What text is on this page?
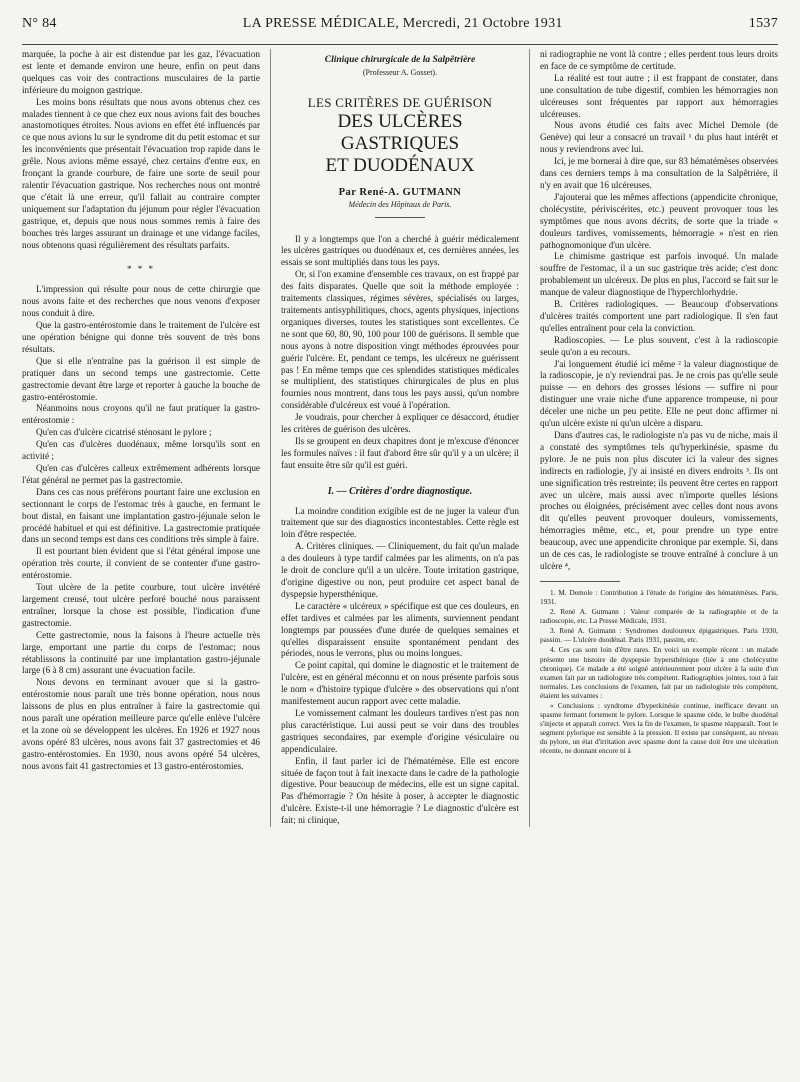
N° 84	LA PRESSE MÉDICALE, Mercredi, 21 Octobre 1931	1537

marquée, la poche à air est distendue par les gaz, l'évacuation est lente et demande environ une heure, enfin on peut dans quelques cas voir des contractions musculaires de la partie inférieure du moignon gastrique.

Les moins bons résultats que nous avons obtenus chez ces malades tiennent à ce que chez eux nous avions fait des bouches anastomotiques étroites. Nous avions en effet été influencés par ce que nous avions lu sur le syndrome dit du petit estomac et sur les inconvénients que présentait l'évacuation trop rapide dans le grêle. Nous avions même essayé, chez certains d'entre eux, en fronçant la grande courbure, de faire une sorte de seuil pour ralentir l'évacuation gastrique. Nos recherches nous ont montré que c'était là une erreur, qu'il fallait au contraire compter uniquement sur l'adaptation du jéjunum pour régler l'évacuation gastrique, et, depuis que nous nous sommes remis à faire des bouches très larges assurant un drainage et une vidange faciles, nous obtenons quasi régulièrement des résultats parfaits.

* * *

L'impression qui résulte pour nous de cette chirurgie que nous avons faite et des recherches que nous venons d'exposer nous conduit à dire.

Que la gastro-entérostomie dans le traitement de l'ulcère est une opération bénigne qui donne très souvent de très bons résultats.

Que si elle n'entraîne pas la guérison il est simple de pratiquer dans un second temps une gastrectomie. Cette gastrectomie devant être large et reporter à gauche la bouche de gastro-entérostomie.

Néanmoins nous croyons qu'il ne faut pratiquer la gastro-entérostomie :

Qu'en cas d'ulcère cicatrisé sténosant le pylore ;

Qu'en cas d'ulcères duodénaux, même lorsqu'ils sont en activité ;

Qu'en cas d'ulcères calleux extrêmement adhérents lorsque l'état général ne permet pas la gastrectomie.

Dans ces cas nous préférons pourtant faire une exclusion en sectionnant le corps de l'estomac très à gauche, en fermant le bout distal, en faisant une implantation gastro-jéjunale selon le procédé habituel et qui est définitive. La gastrectomie pratiquée dans un second temps est dans ces conditions très simple à faire.

Il est pourtant bien évident que si l'état général impose une opération très courte, il convient de se contenter d'une gastro-entérostomie.

Tout ulcère de la petite courbure, tout ulcère invétéré largement creusé, tout ulcère perforé bouché nous paraissent entraîner, lorsque la chose est possible, l'indication d'une gastrectomie.

Cette gastrectomie, nous la faisons à l'heure actuelle très large, emportant une partie du corps de l'estomac; nous rétablissons la continuité par une implantation gastro-jéjunale large (6 à 8 cm) assurant une évacuation facile.

Nous devons en terminant avouer que si la gastro-entérostomie nous paraît une très bonne opération, nous nous laissons de plus en plus entraîner à faire la gastrectomie qui nous paraît une opération meilleure parce qu'elle enlève l'ulcère et la zone où se développent les ulcères. En 1926 et 1927 nous avons opéré 83 ulcères, nous avons fait 37 gastrectomies et 46 gastro-entérostomies. En 1930, nous avons opéré 54 ulcères, nous avons fait 41 gastrectomies et 13 gastro-entérostomies.

Clinique chirurgicale de la Salpêtrière
(Professeur A. Gosset).
LES CRITÈRES DE GUÉRISON
DES ULCÈRES GASTRIQUES
ET DUODÉNAUX
Par René-A. GUTMANN
Médecin des Hôpitaux de Paris.

Il y a longtemps que l'on a cherché à guérir médicalement les ulcères gastriques ou duodénaux et, ces dernières années, les essais se sont multipliés dans tous les pays.

Or, si l'on examine d'ensemble ces travaux, on est frappé par des faits disparates. Quelle que soit la méthode employée : traitements classiques, régimes sévères, spécialisés ou larges, traitements antisyphilitiques, chocs, agents physiques, injections organiques diverses, toutes les statistiques sont excellentes. Ce ne sont que 60, 80, 90, 100 pour 100 de guérisons. Il semble que nous ayons à notre disposition vingt méthodes éprouvées pour guérir l'ulcère. Et, pendant ce temps, les ulcéreux ne guérissent pas ! En même temps que ces splendides statistiques médicales se multiplient, des statistiques chirurgicales de plus en plus fournies nous montrent, dans tous les pays aussi, qu'un nombre considérable d'ulcéreux est voué à l'opération.

Je voudrais, pour chercher à expliquer ce désaccord, étudier les critères de guérison des ulcères.

Ils se groupent en deux chapitres dont je m'excuse d'énoncer les formules naïves : il faut d'abord être sûr qu'il y a un ulcère; il faut ensuite être sûr qu'il est guéri.

I. — Critères d'ordre diagnostique.

La moindre condition exigible est de ne juger la valeur d'un traitement que sur des diagnostics incontestables. Cette règle est loin d'être respectée.

A. Critères cliniques. — Cliniquement, du fait qu'un malade a des douleurs à type tardif calmées par les aliments, on n'a pas le droit de conclure qu'il a un ulcère. Toute irritation gastrique, d'origine digestive ou non, peut produire cet aspect banal de dyspepsie hypersthénique.

Le caractère « ulcéreux » spécifique est que ces douleurs, en effet tardives et calmées par les aliments, surviennent pendant longtemps par poussées d'une durée de quelques semaines et qu'elles disparaissent ensuite spontanément pendant des périodes, nous le verrons, plus ou moins longues.

Ce point capital, qui domine le diagnostic et le traitement de l'ulcère, est en général méconnu et on nous présente parfois sous le nom « d'histoire typique d'ulcère » des observations qui n'ont manifestement aucun rapport avec cette maladie.

Le vomissement calmant les douleurs tardives n'est pas non plus caractéristique. Lui aussi peut se voir dans des troubles gastriques secondaires, par exemple d'origine vésiculaire ou appendiculaire.

Enfin, il faut parler ici de l'hématémèse. Elle est encore située de façon tout à fait inexacte dans le cadre de la pathologie digestive. Pour beaucoup de médecins, elle est un signe capital. Pas d'hémorragie ? On hésite à poser, à accepter le diagnostic d'ulcère. Existe-t-il une hémorragie ? Le diagnostic d'ulcère est fait; ni clinique,

ni radiographie ne vont là contre ; elles perdent tous leurs droits en face de ce symptôme de certitude.

La réalité est tout autre ; il est frappant de constater, dans une consultation de tube digestif, combien les hémorragies non ulcéreuses sont fréquentes par rapport aux hémorragies ulcéreuses.

Nous avons étudié ces faits avec Michel Demole (de Genève) qui leur a consacré un travail ¹ du plus haut intérêt et nous y reviendrons avec lui.

Ici, je me bornerai à dire que, sur 83 hématémèses observées dans ces derniers temps à ma consultation de la Salpêtrière, il n'y en avait que 16 ulcéreuses.

J'ajouterai que les mêmes affections (appendicite chronique, cholécystite, périviscérites, etc.) peuvent provoquer tous les symptômes que nous avons décrits, de sorte que la triade « douleurs tardives, vomissements, hémorragie » n'est en rien pathognomonique d'un ulcère.

Le chimisme gastrique est parfois invoqué. Un malade souffre de l'estomac, il a un suc gastrique très acide; c'est donc probablement un ulcéreux. De plus en plus, l'accord se fait sur le manque de valeur diagnostique de l'hyperchlorhydrie.

B. Critères radiologiques. — Beaucoup d'observations d'ulcères traités comportent une part radiologique. Il s'en faut qu'elles entraînent pour cela la conviction.

Radioscopies. — Le plus souvent, c'est à la radioscopie seule qu'on a eu recours.

J'ai longuement étudié ici même ² la valeur diagnostique de la radioscopie, je n'y reviendrai pas. Je ne crois pas qu'elle seule puisse — en dehors des grosses lésions — suffire ni pour distinguer une vraie niche d'une apparence trompeuse, ni pour déceler une niche un peu petite. Elle ne peut donc affirmer ni qu'un ulcère existe ni qu'un ulcère a disparu.

Dans d'autres cas, le radiologiste n'a pas vu de niche, mais il a constaté des symptômes tels qu'hyperkinésie, spasme du pylore. Je ne puis non plus discuter ici la valeur des signes indirects en radiologie, j'y ai insisté en divers endroits ³. Ils ont une signification très restreinte; ils peuvent être certes en rapport avec un ulcère, mais aussi avec n'importe quelles lésions proches ou éloignées, précisément avec celles dont nous avons dit qu'elles peuvent provoquer douleurs, vomissements, hémorragies même, etc., et, pour prendre un type entre beaucoup, avec une appendicite chronique par exemple. Si, dans un de ces cas, le radiologiste se trouve entraîné à conclure à un ulcère ⁴,

1. M. Demole : Contribution à l'étude de l'origine des hématémèses. Paris, 1931.

2. René A. Gutmann : Valeur comparée de la radiographie et de la radioscopie, etc. La Presse Médicale, 1931.

3. René A. Gutmann : Syndromes douloureux épigastriques. Paris 1930, passim. — L'ulcère duodénal. Paris 1931, passim, etc.

4. Ces cas sont loin d'être rares. En voici un exemple récent : un malade présente une histoire de dyspepsie hypersthénique (liée à une cholécystite chronique). Ce malade a été soigné antérieurement pour ulcère à la suite d'un examen fait par un radiologiste très compétent. Radiographies jointes, tout à fait normales. Les conclusions de l'examen, fait par un radiologiste très compétent, étaient les suivantes :

« Conclusions : syndrome d'hyperkinésie continue, inefficace devant un spasme fermant fortement le pylore. Lorsque le spasme cède, le bulbe duodénal s'injecte et apparaît correct. Vers la fin de l'examen, le spasme réapparaît. Tout le segment pylorique est sensible à la pression. Il existe par conséquent, au niveau du pylore, un état d'irritation avec spasme dont la cause doit être une ulcération récente, ne donnant encore ni à
